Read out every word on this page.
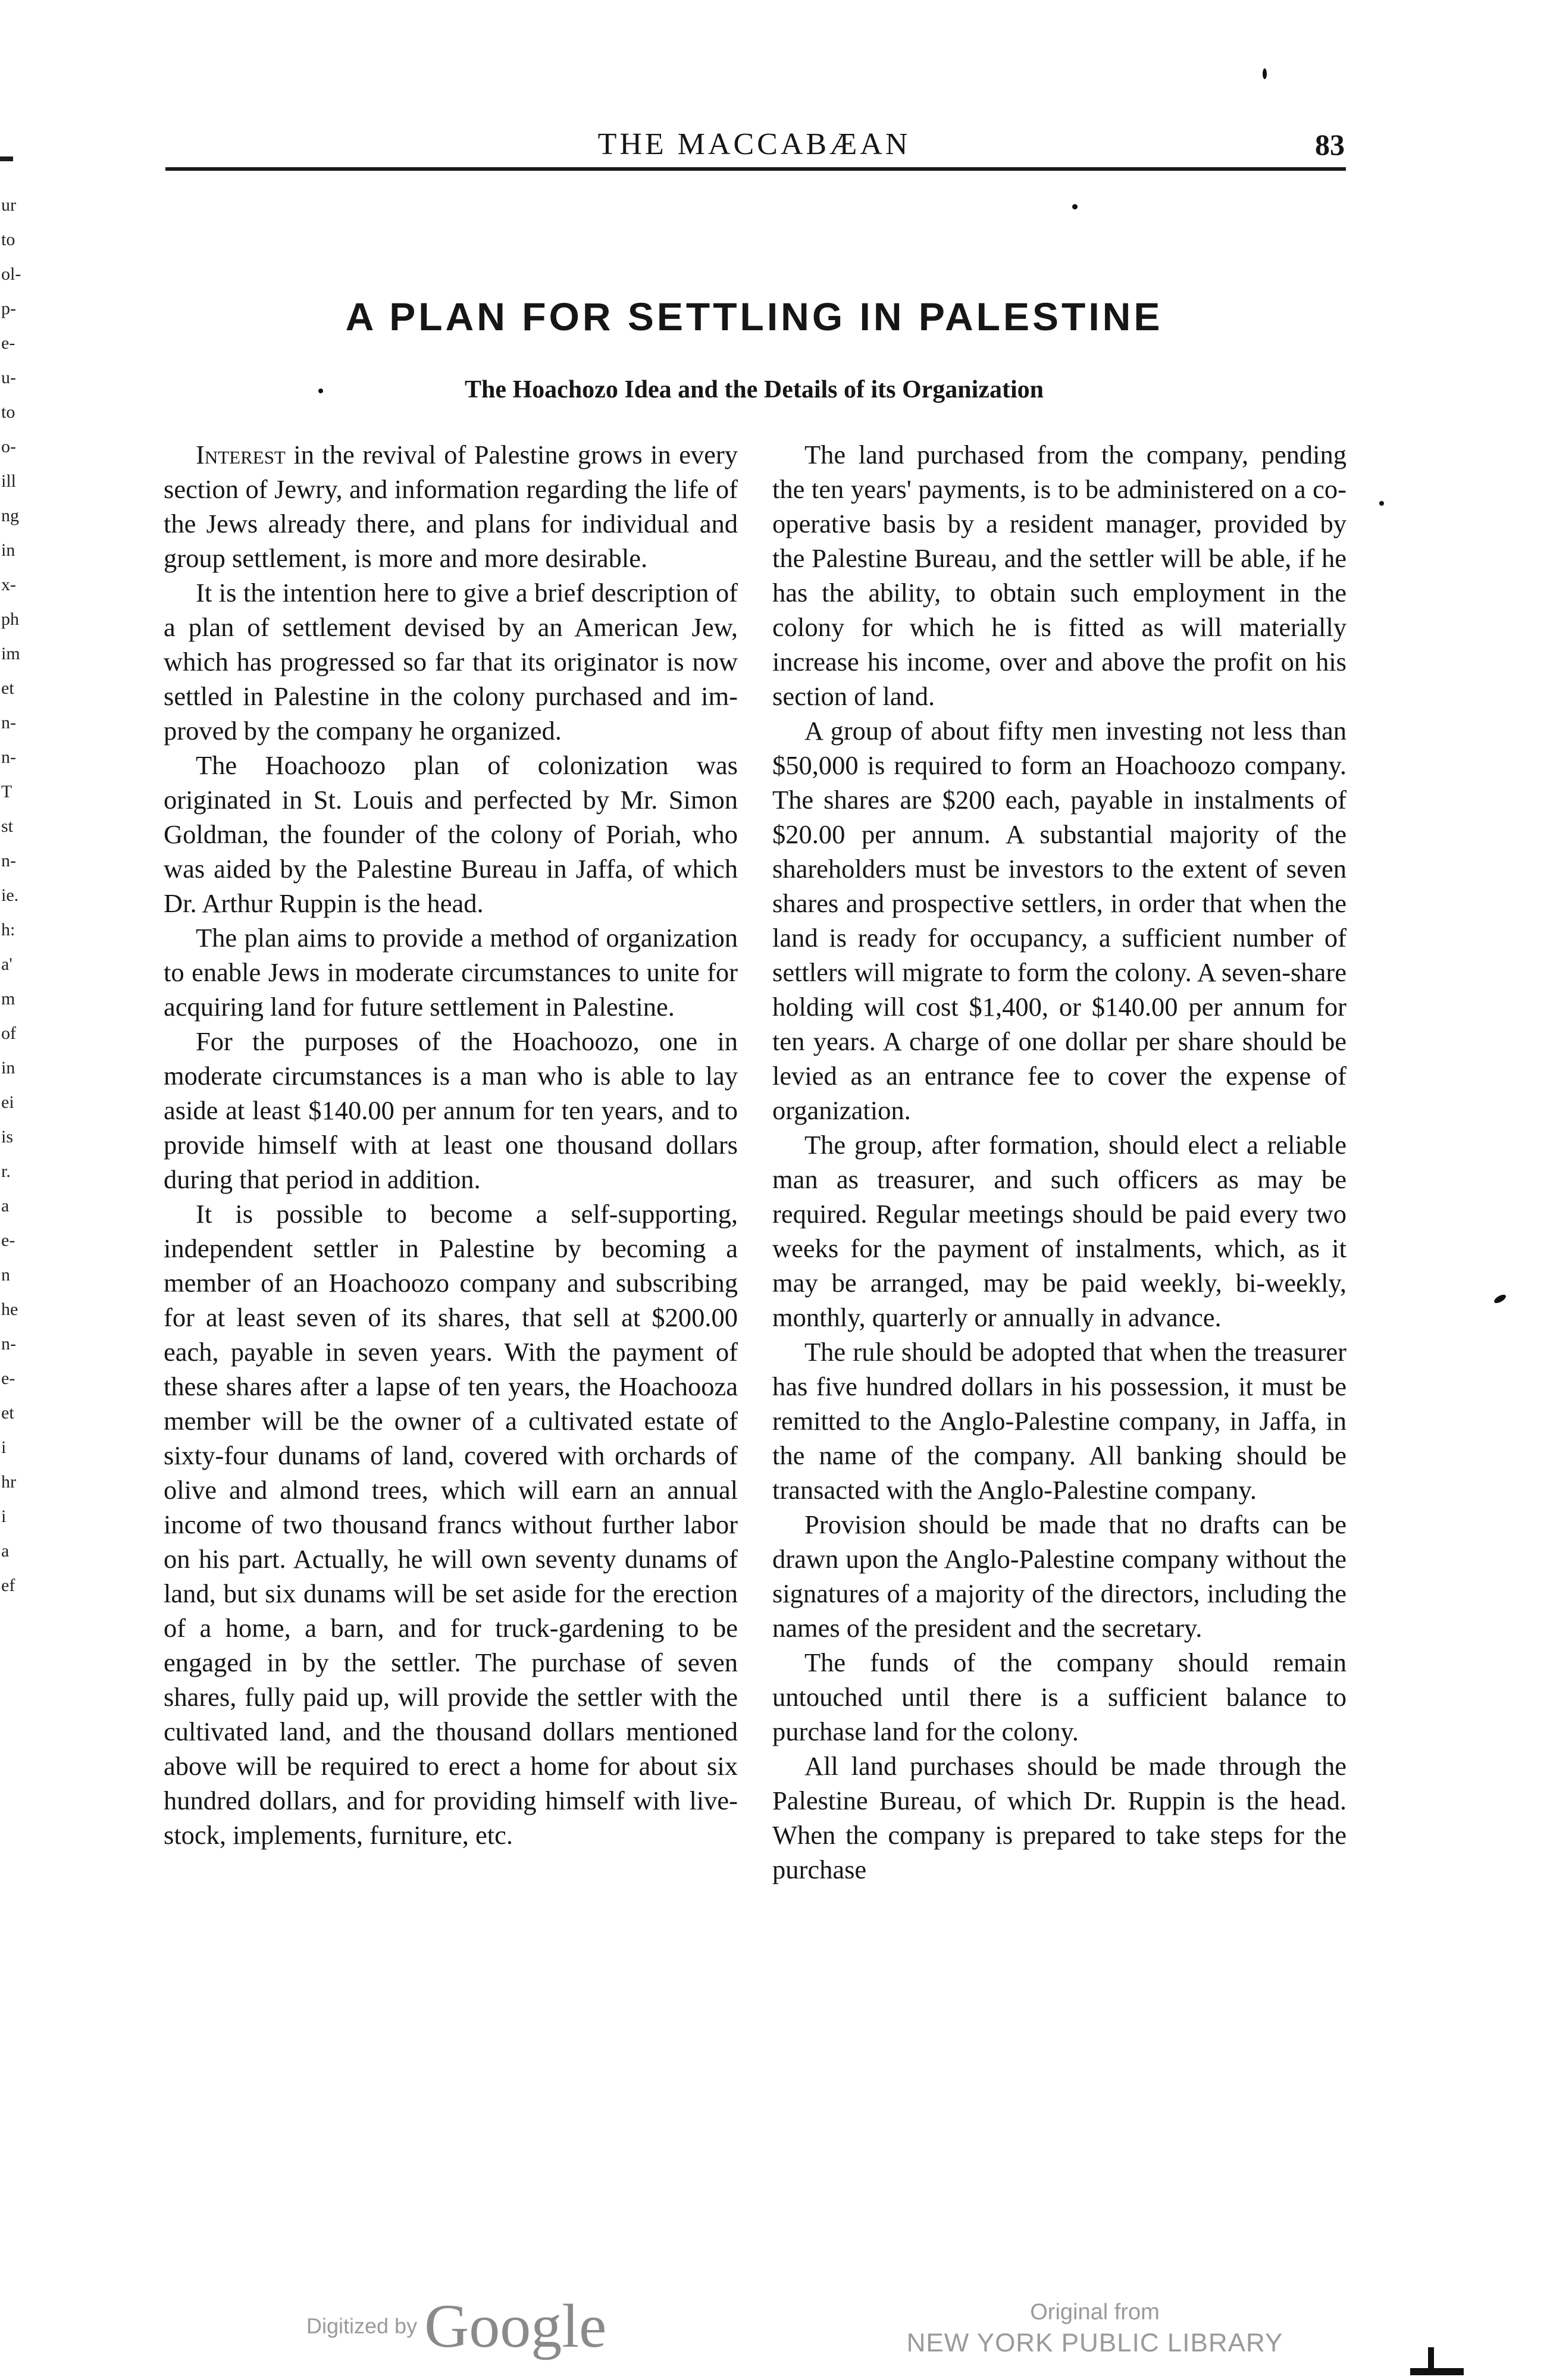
ur
to
ol-
p-
e-
u-
to
o-
ill
ng
in
x-
ph
im
et
n-
n-
T
st
n-
ie.
h:
a'
m
of
in
ei
is
r.
a
e-
n
he
n-
e-
et
i
hr
i
a
ef
THE MACCABÆAN	83
A PLAN FOR SETTLING IN PALESTINE
The Hoachozo Idea and the Details of its Organization

Interest in the revival of Palestine grows in every section of Jewry, and information regarding the life of the Jews already there, and plans for individual and group settlement, is more and more desirable.

It is the intention here to give a brief description of a plan of settlement devised by an American Jew, which has progressed so far that its originator is now settled in Palestine in the colony purchased and improved by the company he organized.

The Hoachoozo plan of colonization was originated in St. Louis and perfected by Mr. Simon Goldman, the founder of the colony of Poriah, who was aided by the Palestine Bureau in Jaffa, of which Dr. Arthur Ruppin is the head.

The plan aims to provide a method of organization to enable Jews in moderate circumstances to unite for acquiring land for future settlement in Palestine.

For the purposes of the Hoachoozo, one in moderate circumstances is a man who is able to lay aside at least $140.00 per annum for ten years, and to provide himself with at least one thousand dollars during that period in addition.

It is possible to become a self-supporting, independent settler in Palestine by becoming a member of an Hoachoozo company and subscribing for at least seven of its shares, that sell at $200.00 each, payable in seven years. With the payment of these shares after a lapse of ten years, the Hoachooza member will be the owner of a cultivated estate of sixty-four dunams of land, covered with orchards of olive and almond trees, which will earn an annual income of two thousand francs without further labor on his part. Actually, he will own seventy dunams of land, but six dunams will be set aside for the erection of a home, a barn, and for truck-gardening to be engaged in by the settler. The purchase of seven shares, fully paid up, will provide the settler with the cultivated land, and the thousand dollars mentioned above will be required to erect a home for about six hundred dollars, and for providing himself with live-stock, implements, furniture, etc.

The land purchased from the company, pending the ten years' payments, is to be administered on a co-operative basis by a resident manager, provided by the Palestine Bureau, and the settler will be able, if he has the ability, to obtain such employment in the colony for which he is fitted as will materially increase his income, over and above the profit on his section of land.

A group of about fifty men investing not less than $50,000 is required to form an Hoachoozo company. The shares are $200 each, payable in instalments of $20.00 per annum. A substantial majority of the shareholders must be investors to the extent of seven shares and prospective settlers, in order that when the land is ready for occupancy, a sufficient number of settlers will migrate to form the colony. A seven-share holding will cost $1,400, or $140.00 per annum for ten years. A charge of one dollar per share should be levied as an entrance fee to cover the expense of organization.

The group, after formation, should elect a reliable man as treasurer, and such officers as may be required. Regular meetings should be paid every two weeks for the payment of instalments, which, as it may be arranged, may be paid weekly, bi-weekly, monthly, quarterly or annually in advance.

The rule should be adopted that when the treasurer has five hundred dollars in his possession, it must be remitted to the Anglo-Palestine company, in Jaffa, in the name of the company. All banking should be transacted with the Anglo-Palestine company.

Provision should be made that no drafts can be drawn upon the Anglo-Palestine company without the signatures of a majority of the directors, including the names of the president and the secretary.

The funds of the company should remain untouched until there is a sufficient balance to purchase land for the colony.

All land purchases should be made through the Palestine Bureau, of which Dr. Ruppin is the head. When the company is prepared to take steps for the purchase

Digitized by Google	Original from
NEW YORK PUBLIC LIBRARY
